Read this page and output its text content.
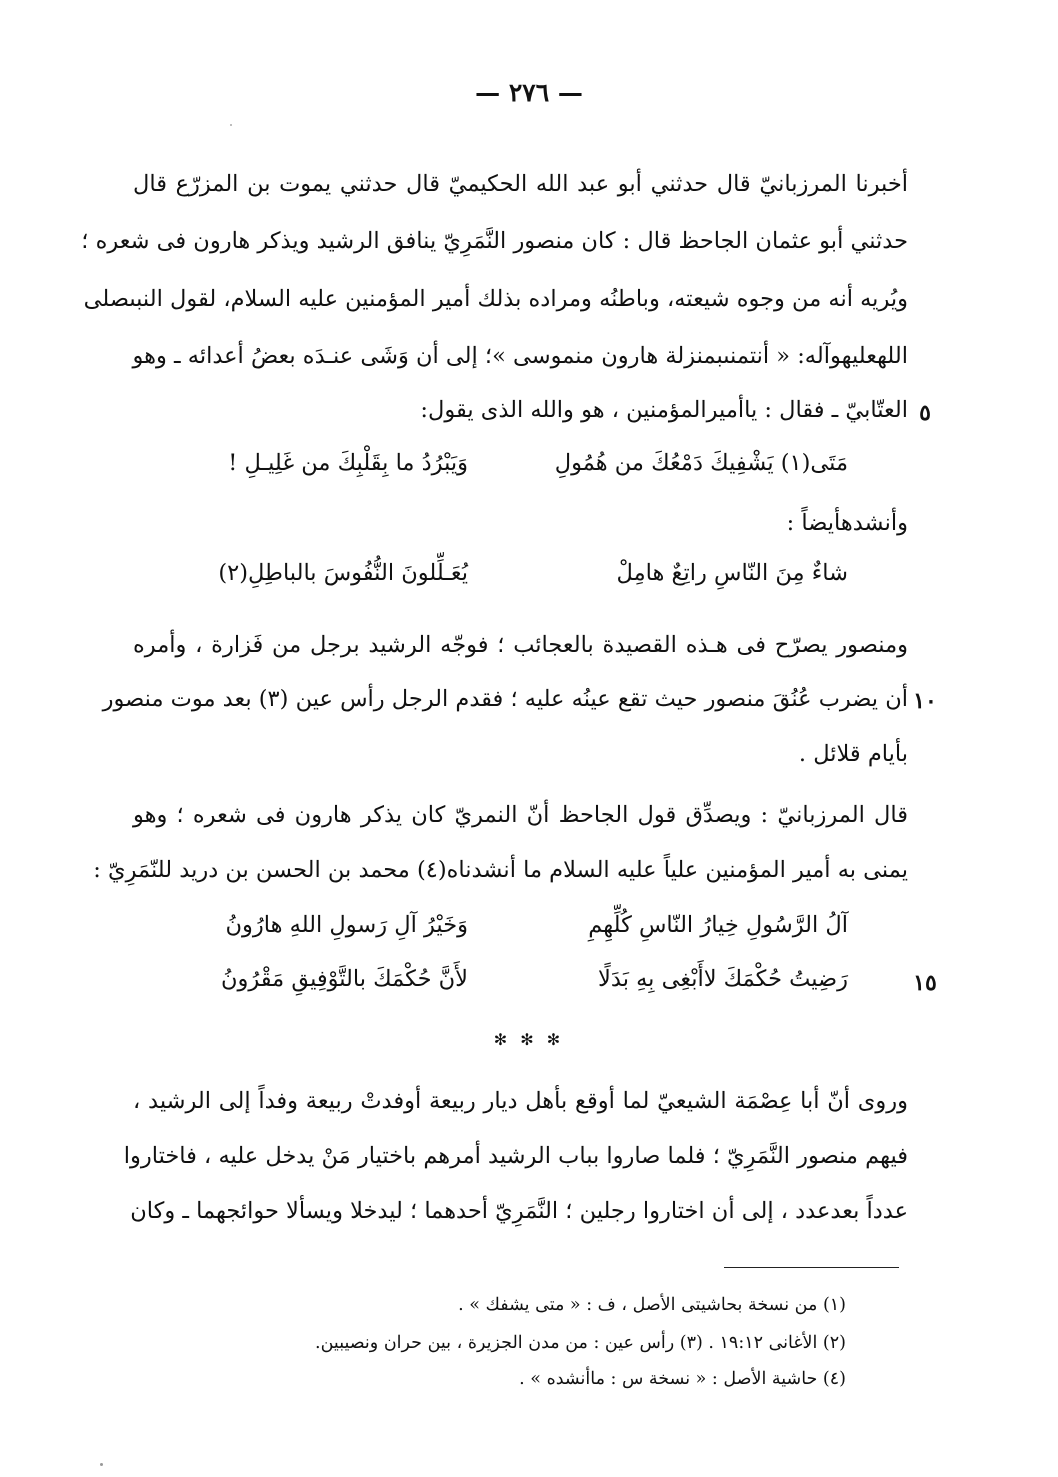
— ٢٧٦ —
أخبرنا المرزبانيّ قال حدثني أبو عبد الله الحكيميّ قال حدثني يموت بن المزرّع قال
حدثني أبو عثمان الجاحظ قال : كان منصور النَّمَرِيّ ينافق الرشيد ويذكر هارون فى شعره ؛
ويُريه أنه من وجوه شيعته، وباطنُه ومراده بذلك أمير المؤمنين عليه السلام، لقول النبىصلى
اللهعليهوآله: « أنتمنىبمنزلة هارون منموسى »؛ إلى أن وَشَى عنـدَه بعضُ أعدائه ـ وهو
العتّابيّ ـ فقال : ياأميرالمؤمنين ، هو والله الذى يقول: ٥
مَتَى(١) يَشْفِيكَ دَمْعُكَ من هُمُولِ
وَيَبْرُدُ ما بِقَلْبِكَ من غَلِيـلِ !
وأنشدهأيضاً :
شاءٌ مِنَ النّاسِ راتِعٌ هامِلْ
يُعَـلِّلونَ النُّفُوسَ بالباطِلِ(٢)
ومنصور يصرّح فى هـذه القصيدة بالعجائب ؛ فوجّه الرشيد برجل من فَزارة ، وأمره
أن يضرب عُنُقَ منصور حيث تقع عينُه عليه ؛ فقدم الرجل رأس عين (٣) بعد موت منصور ١٠
بأيام قلائل .
قال المرزبانيّ : ويصدِّق قول الجاحظ أنّ النمريّ كان يذكر هارون فى شعره ؛ وهو
يمنى به أمير المؤمنين علياً عليه السلام ما أنشدناه(٤) محمد بن الحسن بن دريد للنّمَرِيّ :
آلُ الرَّسُولِ خِيارُ النّاسِ كُلِّهِمِ
وَخَيْرُ آلِ رَسولِ اللهِ هارُونُ
رَضِيتُ حُكْمَكَ لاأَبْغِى بِهِ بَدَلًا
لأَنَّ حُكْمَكَ بالتَّوْفِيقِ مَقْرُونُ	١٥
✻ ✻ ✻
وروى أنّ أبا عِصْمَة الشيعيّ لما أوقع بأهل ديار ربيعة أوفدتْ ربيعة وفداً إلى الرشيد ،
فيهم منصور النَّمَرِيّ ؛ فلما صاروا بباب الرشيد أمرهم باختيار مَنْ يدخل عليه ، فاختاروا
عدداً بعدعدد ، إلى أن اختاروا رجلين ؛ النَّمَرِيّ أحدهما ؛ ليدخلا ويسألا حوائجهما ـ وكان
(١) من نسخة بحاشيتى الأصل ، ف : « متى يشفك » .
(٢) الأغانى ١٩:١٢ . (٣) رأس عين : من مدن الجزيرة ، بين حران ونصيبين.
(٤) حاشية الأصل : « نسخة س : ماأنشده » .
